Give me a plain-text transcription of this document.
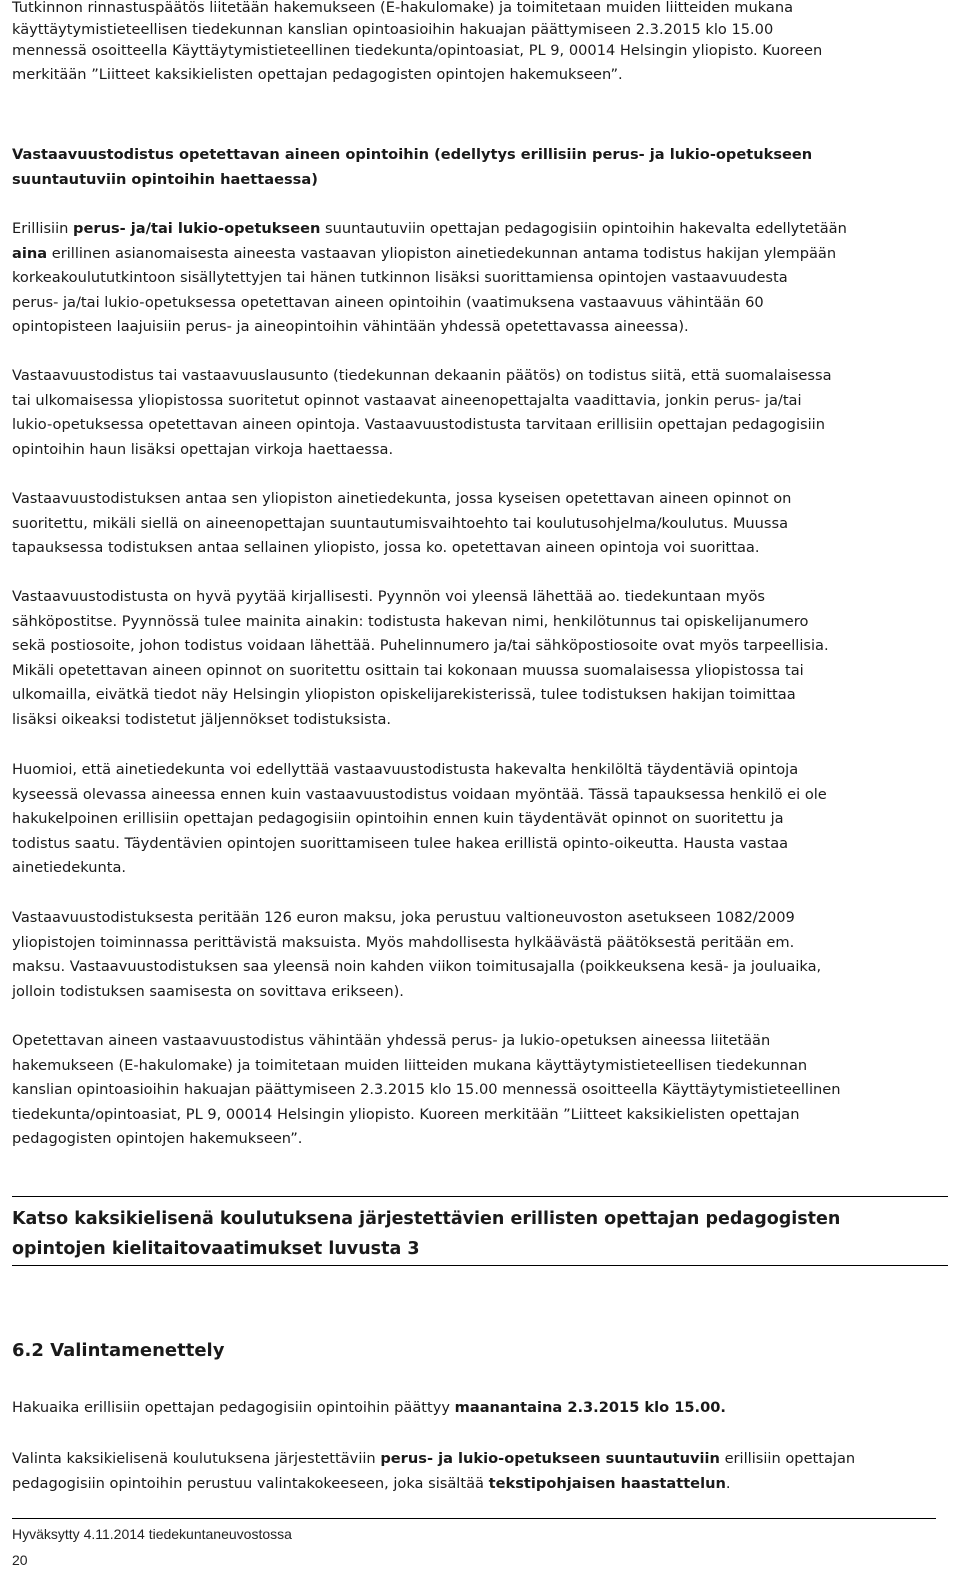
Tutkinnon rinnastuspäätös liitetään hakemukseen (E-hakulomake) ja toimitetaan muiden liitteiden mukana

käyttäytymistieteellisen tiedekunnan kanslian opintoasioihin hakuajan päättymiseen 2.3.2015 klo 15.00

mennessä osoitteella Käyttäytymistieteellinen tiedekunta/opintoasiat, PL 9, 00014 Helsingin yliopisto. Kuoreen

merkitään ”Liitteet kaksikielisten opettajan pedagogisten opintojen hakemukseen”.

Vastaavuustodistus opetettavan aineen opintoihin (edellytys erillisiin perus- ja lukio-opetukseen

suuntautuviin opintoihin haettaessa)

Erillisiin perus- ja/tai lukio-opetukseen suuntautuviin opettajan pedagogisiin opintoihin hakevalta edellytetään

aina erillinen asianomaisesta aineesta vastaavan yliopiston ainetiedekunnan antama todistus hakijan ylempään

korkeakoulututkintoon sisällytettyjen tai hänen tutkinnon lisäksi suorittamiensa opintojen vastaavuudesta

perus- ja/tai lukio-opetuksessa opetettavan aineen opintoihin (vaatimuksena vastaavuus vähintään 60

opintopisteen laajuisiin perus- ja aineopintoihin vähintään yhdessä opetettavassa aineessa).

Vastaavuustodistus tai vastaavuuslausunto (tiedekunnan dekaanin päätös) on todistus siitä, että suomalaisessa

tai ulkomaisessa yliopistossa suoritetut opinnot vastaavat aineenopettajalta vaadittavia, jonkin perus- ja/tai

lukio-opetuksessa opetettavan aineen opintoja. Vastaavuustodistusta tarvitaan erillisiin opettajan pedagogisiin

opintoihin haun lisäksi opettajan virkoja haettaessa.

Vastaavuustodistuksen antaa sen yliopiston ainetiedekunta, jossa kyseisen opetettavan aineen opinnot on

suoritettu, mikäli siellä on aineenopettajan suuntautumisvaihtoehto tai koulutusohjelma/koulutus. Muussa

tapauksessa todistuksen antaa sellainen yliopisto, jossa ko. opetettavan aineen opintoja voi suorittaa.

Vastaavuustodistusta on hyvä pyytää kirjallisesti. Pyynnön voi yleensä lähettää ao. tiedekuntaan myös

sähköpostitse. Pyynnössä tulee mainita ainakin: todistusta hakevan nimi, henkilötunnus tai opiskelijanumero

sekä postiosoite, johon todistus voidaan lähettää. Puhelinnumero ja/tai sähköpostiosoite ovat myös tarpeellisia.

Mikäli opetettavan aineen opinnot on suoritettu osittain tai kokonaan muussa suomalaisessa yliopistossa tai

ulkomailla, eivätkä tiedot näy Helsingin yliopiston opiskelijarekisterissä, tulee todistuksen hakijan toimittaa

lisäksi oikeaksi todistetut jäljennökset todistuksista.

Huomioi, että ainetiedekunta voi edellyttää vastaavuustodistusta hakevalta henkilöltä täydentäviä opintoja

kyseessä olevassa aineessa ennen kuin vastaavuustodistus voidaan myöntää. Tässä tapauksessa henkilö ei ole

hakukelpoinen erillisiin opettajan pedagogisiin opintoihin ennen kuin täydentävät opinnot on suoritettu ja

todistus saatu. Täydentävien opintojen suorittamiseen tulee hakea erillistä opinto-oikeutta. Hausta vastaa

ainetiedekunta.

Vastaavuustodistuksesta peritään 126 euron maksu, joka perustuu valtioneuvoston asetukseen 1082/2009

yliopistojen toiminnassa perittävistä maksuista. Myös mahdollisesta hylkäävästä päätöksestä peritään em.

maksu. Vastaavuustodistuksen saa yleensä noin kahden viikon toimitusajalla (poikkeuksena kesä- ja jouluaika,

jolloin todistuksen saamisesta on sovittava erikseen).

Opetettavan aineen vastaavuustodistus vähintään yhdessä perus- ja lukio-opetuksen aineessa liitetään

hakemukseen (E-hakulomake) ja toimitetaan muiden liitteiden mukana käyttäytymistieteellisen tiedekunnan

kanslian opintoasioihin hakuajan päättymiseen 2.3.2015 klo 15.00 mennessä osoitteella Käyttäytymistieteellinen

tiedekunta/opintoasiat, PL 9, 00014 Helsingin yliopisto. Kuoreen merkitään ”Liitteet kaksikielisten opettajan

pedagogisten opintojen hakemukseen”.

Katso kaksikielisenä koulutuksena järjestettävien erillisten opettajan pedagogisten

opintojen kielitaitovaatimukset luvusta 3

6.2 Valintamenettely

Hakuaika erillisiin opettajan pedagogisiin opintoihin päättyy maanantaina 2.3.2015 klo 15.00.

Valinta kaksikielisenä koulutuksena järjestettäviin perus- ja lukio-opetukseen suuntautuviin erillisiin opettajan

pedagogisiin opintoihin perustuu valintakokeeseen, joka sisältää tekstipohjaisen haastattelun.

Hyväksytty 4.11.2014 tiedekuntaneuvostossa
20
